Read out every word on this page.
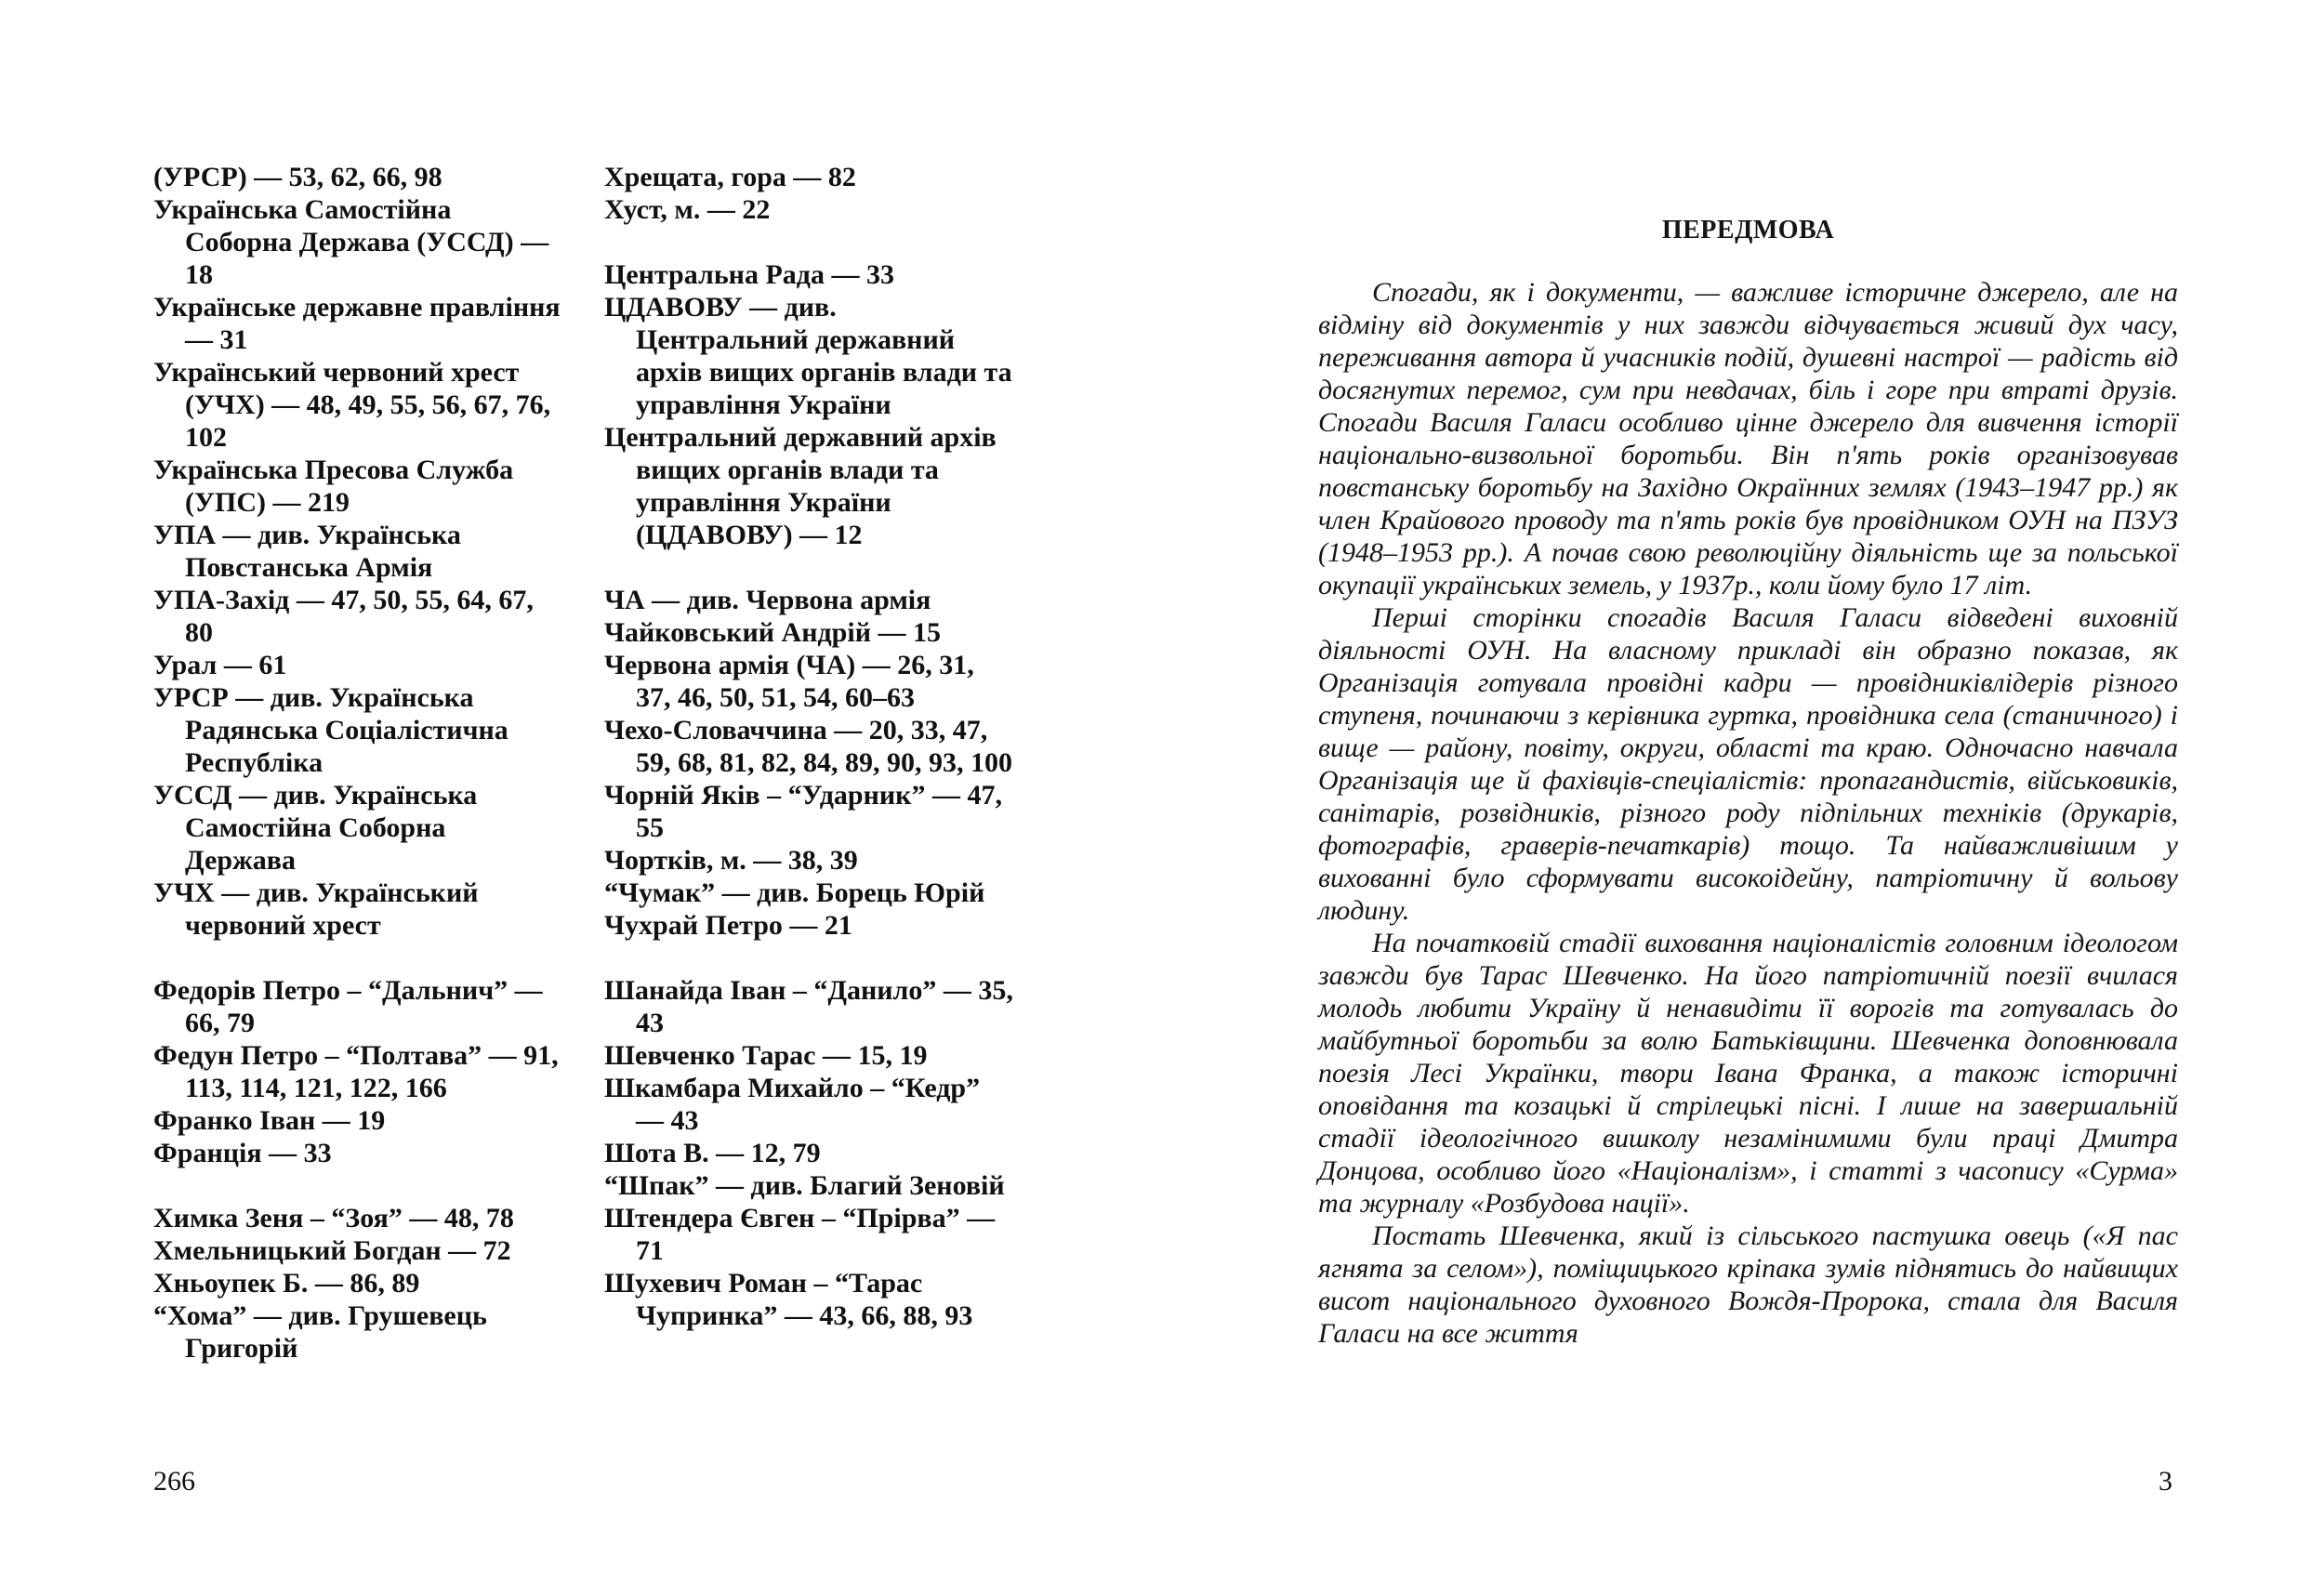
(УРСР) — 53, 62, 66, 98

Українська Самостійна Соборна Держава (УССД) — 18

Українське державне правління — 31

Український червоний хрест (УЧХ) — 48, 49, 55, 56, 67, 76, 102

Українська Пресова Служба (УПС) — 219

УПА — див. Українська Повстанська Армія

УПА-Захід — 47, 50, 55, 64, 67, 80

Урал — 61

УРСР — див. Українська Радянська Соціалістична Республіка

УССД — див. Українська Самостійна Соборна Держава

УЧХ — див. Український червоний хрест

Федорів Петро – “Дальнич” — 66, 79

Федун Петро – “Полтава” — 91, 113, 114, 121, 122, 166

Франко Іван — 19

Франція — 33

Химка Зеня – “Зоя” — 48, 78

Хмельницький Богдан — 72

Хньоупек Б. — 86, 89

“Хома” — див. Грушевець Григорій

Хрещата, гора — 82

Хуст, м. — 22

Центральна Рада — 33

ЦДАВОВУ — див. Центральний державний архів вищих органів влади та управління України

Центральний державний архів вищих органів влади та управління України (ЦДАВОВУ) — 12

ЧА — див. Червона армія

Чайковський Андрій — 15

Червона армія (ЧА) — 26, 31, 37, 46, 50, 51, 54, 60–63

Чехо-Словаччина — 20, 33, 47, 59, 68, 81, 82, 84, 89, 90, 93, 100

Чорній Яків – “Ударник” — 47, 55

Чортків, м. — 38, 39

“Чумак” — див. Борець Юрій

Чухрай Петро — 21

Шанайда Іван – “Данило” — 35, 43

Шевченко Тарас — 15, 19

Шкамбара Михайло – “Кедр” — 43

Шота В. — 12, 79

“Шпак” — див. Благий Зеновій

Штендера Євген – “Прірва” — 71

Шухевич Роман – “Тарас Чупринка” — 43, 66, 88, 93

266
ПЕРЕДМОВА

Спогади, як і документи, — важливе історичне джерело, але на відміну від документів у них завжди відчувається живий дух часу, переживання автора й учасників подій, душевні настрої — радість від досягнутих перемог, сум при невдачах, біль і горе при втраті друзів. Спогади Василя Галаси особливо цінне джерело для вивчення історії національно-визвольної боротьби. Він п'ять років організовував повстанську боротьбу на Західно Окраїнних землях (1943–1947 рр.) як член Крайового проводу та п'ять років був провідником ОУН на ПЗУЗ (1948–1953 рр.). А почав свою революційну діяльність ще за польської окупації українських земель, у 1937р., коли йому було 17 літ.

Перші сторінки спогадів Василя Галаси відведені виховній діяльності ОУН. На власному прикладі він образно показав, як Організація готувала провідні кадри — провідниківлідерів різного ступеня, починаючи з керівника гуртка, провідника села (станичного) і вище — району, повіту, округи, області та краю. Одночасно навчала Організація ще й фахівців-спеціалістів: пропагандистів, військовиків, санітарів, розвідників, різного роду підпільних техніків (друкарів, фотографів, граверів-печаткарів) тощо. Та найважливішим у вихованні було сформувати високоідейну, патріотичну й вольову людину.

На початковій стадії виховання націоналістів головним ідеологом завжди був Тарас Шевченко. На його патріотичній поезії вчилася молодь любити Україну й ненавидіти її ворогів та готувалась до майбутньої боротьби за волю Батьківщини. Шевченка доповнювала поезія Лесі Українки, твори Івана Франка, а також історичні оповідання та козацькі й стрілецькі пісні. І лише на завершальній стадії ідеологічного вишколу незамінимими були праці Дмитра Донцова, особливо його «Націоналізм», і статті з часопису «Сурма» та журналу «Розбудова нації».

Постать Шевченка, який із сільського пастушка овець («Я пас ягнята за селом»), поміщицького кріпака зумів піднятись до найвищих висот національного духовного Вождя-Пророка, стала для Василя Галаси на все життя

3
